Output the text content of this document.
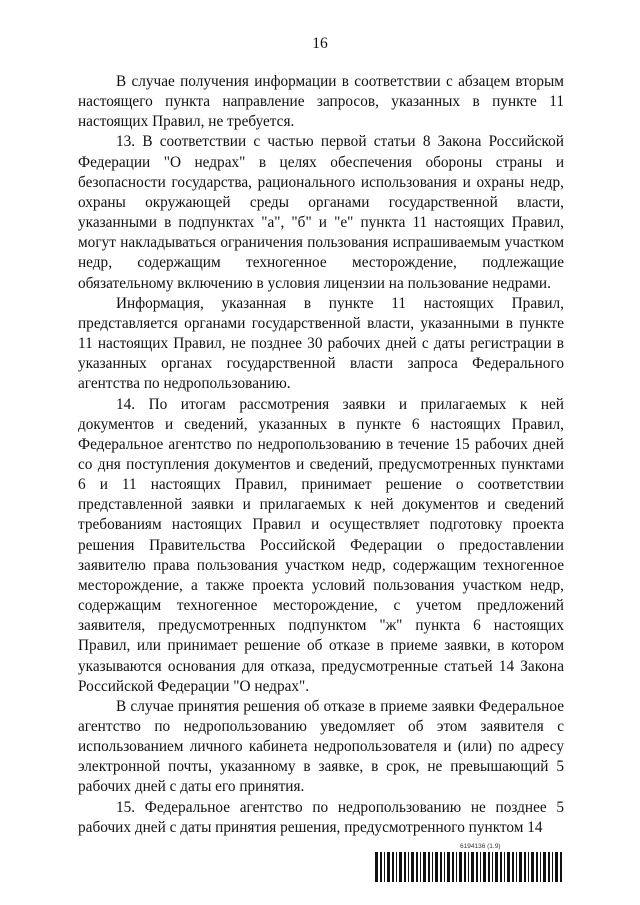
16

В случае получения информации в соответствии с абзацем вторым настоящего пункта направление запросов, указанных в пункте 11 настоящих Правил, не требуется.

13. В соответствии с частью первой статьи 8 Закона Российской Федерации "О недрах" в целях обеспечения обороны страны и безопасности государства, рационального использования и охраны недр, охраны окружающей среды органами государственной власти, указанными в подпунктах "а", "б" и "е" пункта 11 настоящих Правил, могут накладываться ограничения пользования испрашиваемым участком недр, содержащим техногенное месторождение, подлежащие обязательному включению в условия лицензии на пользование недрами.

Информация, указанная в пункте 11 настоящих Правил, представляется органами государственной власти, указанными в пункте 11 настоящих Правил, не позднее 30 рабочих дней с даты регистрации в указанных органах государственной власти запроса Федерального агентства по недропользованию.

14. По итогам рассмотрения заявки и прилагаемых к ней документов и сведений, указанных в пункте 6 настоящих Правил, Федеральное агентство по недропользованию в течение 15 рабочих дней со дня поступления документов и сведений, предусмотренных пунктами 6 и 11 настоящих Правил, принимает решение о соответствии представленной заявки и прилагаемых к ней документов и сведений требованиям настоящих Правил и осуществляет подготовку проекта решения Правительства Российской Федерации о предоставлении заявителю права пользования участком недр, содержащим техногенное месторождение, а также проекта условий пользования участком недр, содержащим техногенное месторождение, с учетом предложений заявителя, предусмотренных подпунктом "ж" пункта 6 настоящих Правил, или принимает решение об отказе в приеме заявки, в котором указываются основания для отказа, предусмотренные статьей 14 Закона Российской Федерации "О недрах".

В случае принятия решения об отказе в приеме заявки Федеральное агентство по недропользованию уведомляет об этом заявителя с использованием личного кабинета недропользователя и (или) по адресу электронной почты, указанному в заявке, в срок, не превышающий 5 рабочих дней с даты его принятия.

15. Федеральное агентство по недропользованию не позднее 5 рабочих дней с даты принятия решения, предусмотренного пунктом 14

6194136 (1.9)
